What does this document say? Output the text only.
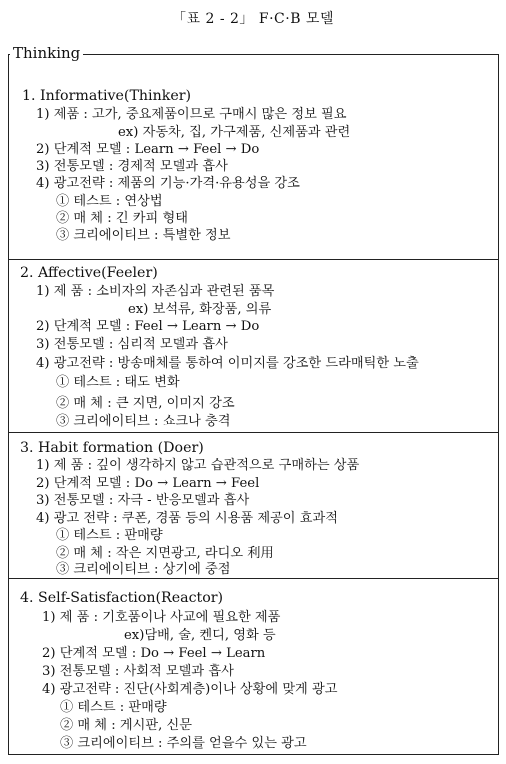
「표 2 - 2」 F·C·B 모델
Thinking
1. Informative(Thinker)
1) 제품 : 고가, 중요제품이므로 구매시 많은 정보 필요
ex) 자동차, 집, 가구제품, 신제품과 관련
2) 단계적 모델 : Learn → Feel → Do
3) 전통모델 : 경제적 모델과 흡사
4) 광고전략 : 제품의 기능·가격·유용성을 강조
① 테스트 : 연상법
② 매 체 : 긴 카피 형태
③ 크리에이티브 : 특별한 정보
2. Affective(Feeler)
1) 제 품 : 소비자의 자존심과 관련된 품목
ex) 보석류, 화장품, 의류
2) 단계적 모델 : Feel → Learn → Do
3) 전통모델 : 심리적 모델과 흡사
4) 광고전략 : 방송매체를 통하여 이미지를 강조한 드라매틱한 노출
① 테스트 : 태도 변화
② 매 체 : 큰 지면, 이미지 강조
③ 크리에이티브 : 쇼크나 충격
3. Habit formation (Doer)
1) 제 품 : 깊이 생각하지 않고 습관적으로 구매하는 상품
2) 단계적 모델 : Do → Learn → Feel
3) 전통모델 : 자극 - 반응모델과 흡사
4) 광고 전략 : 쿠폰, 경품 등의 시용품 제공이 효과적
① 테스트 : 판매량
② 매 체 : 작은 지면광고, 라디오 利用
③ 크리에이티브 : 상기에 중점
4. Self-Satisfaction(Reactor)
1) 제 품 : 기호품이나 사교에 필요한 제품
ex)담배, 술, 켄디, 영화 등
2) 단계적 모델 : Do → Feel → Learn
3) 전통모델 : 사회적 모델과 흡사
4) 광고전략 : 진단(사회계층)이나 상황에 맞게 광고
① 테스트 : 판매량
② 매 체 : 게시판, 신문
③ 크리에이티브 : 주의를 얻을수 있는 광고
